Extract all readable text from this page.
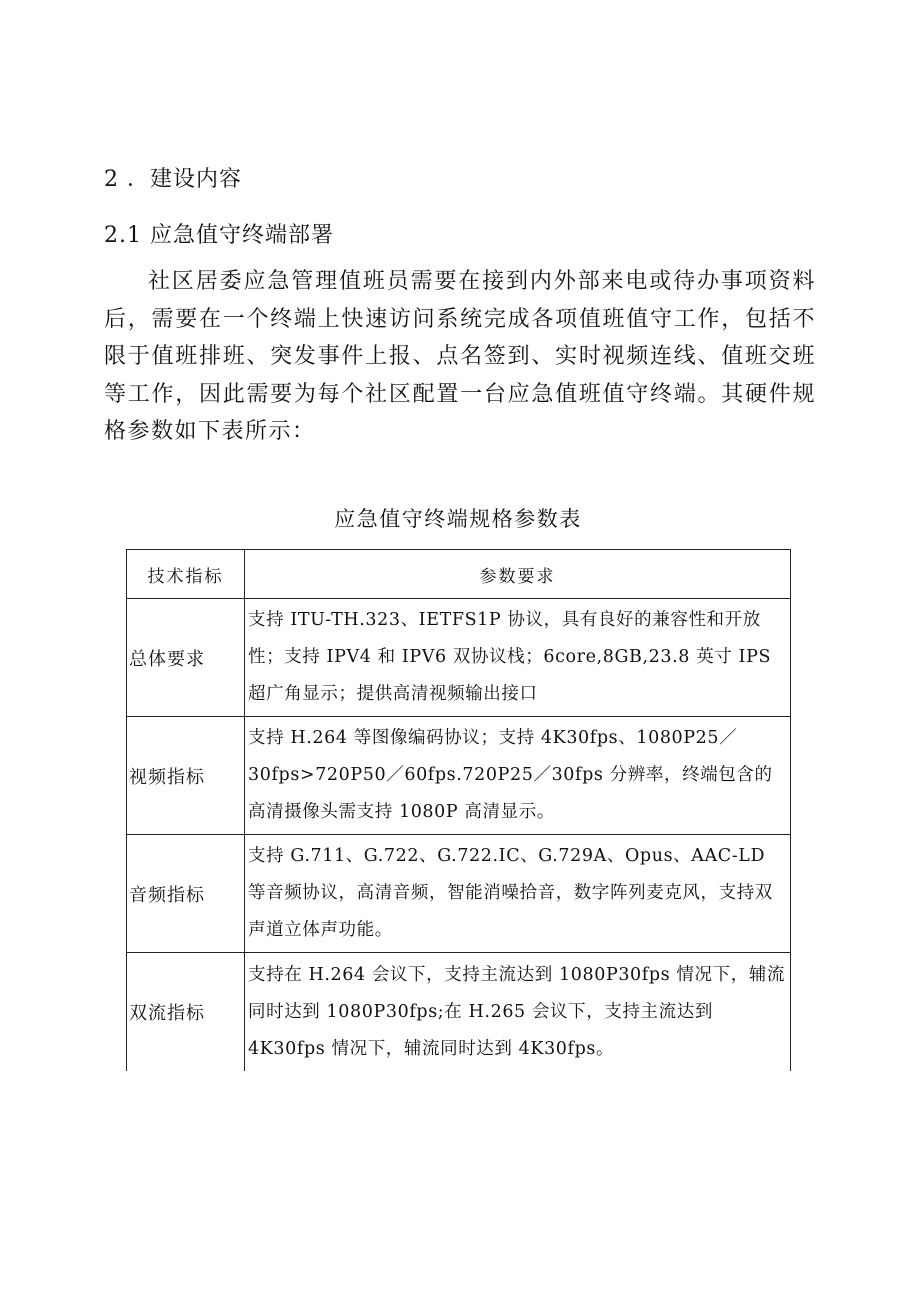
2 ．建设内容
2.1 应急值守终端部署
社区居委应急管理值班员需要在接到内外部来电或待办事项资料后，需要在一个终端上快速访问系统完成各项值班值守工作，包括不限于值班排班、突发事件上报、点名签到、实时视频连线、值班交班等工作，因此需要为每个社区配置一台应急值班值守终端。其硬件规格参数如下表所示：
应急值守终端规格参数表
技术指标	参数要求
总体要求	支持 ITU-TH.323、IETFS1P 协议，具有良好的兼容性和开放性；支持 IPV4 和 IPV6 双协议栈；6core,8GB,23.8 英寸 IPS 超广角显示；提供高清视频输出接口
视频指标	支持 H.264 等图像编码协议；支持 4K30fps、1080P25／30fps>720P50／60fps.720P25／30fps 分辨率，终端包含的高清摄像头需支持 1080P 高清显示。
音频指标	支持 G.711、G.722、G.722.IC、G.729A、Opus、AAC-LD 等音频协议，高清音频，智能消噪拾音，数字阵列麦克风，支持双声道立体声功能。
双流指标	支持在 H.264 会议下，支持主流达到 1080P30fps 情况下，辅流同时达到 1080P30fps;在 H.265 会议下，支持主流达到 4K30fps 情况下，辅流同时达到 4K30fps。
